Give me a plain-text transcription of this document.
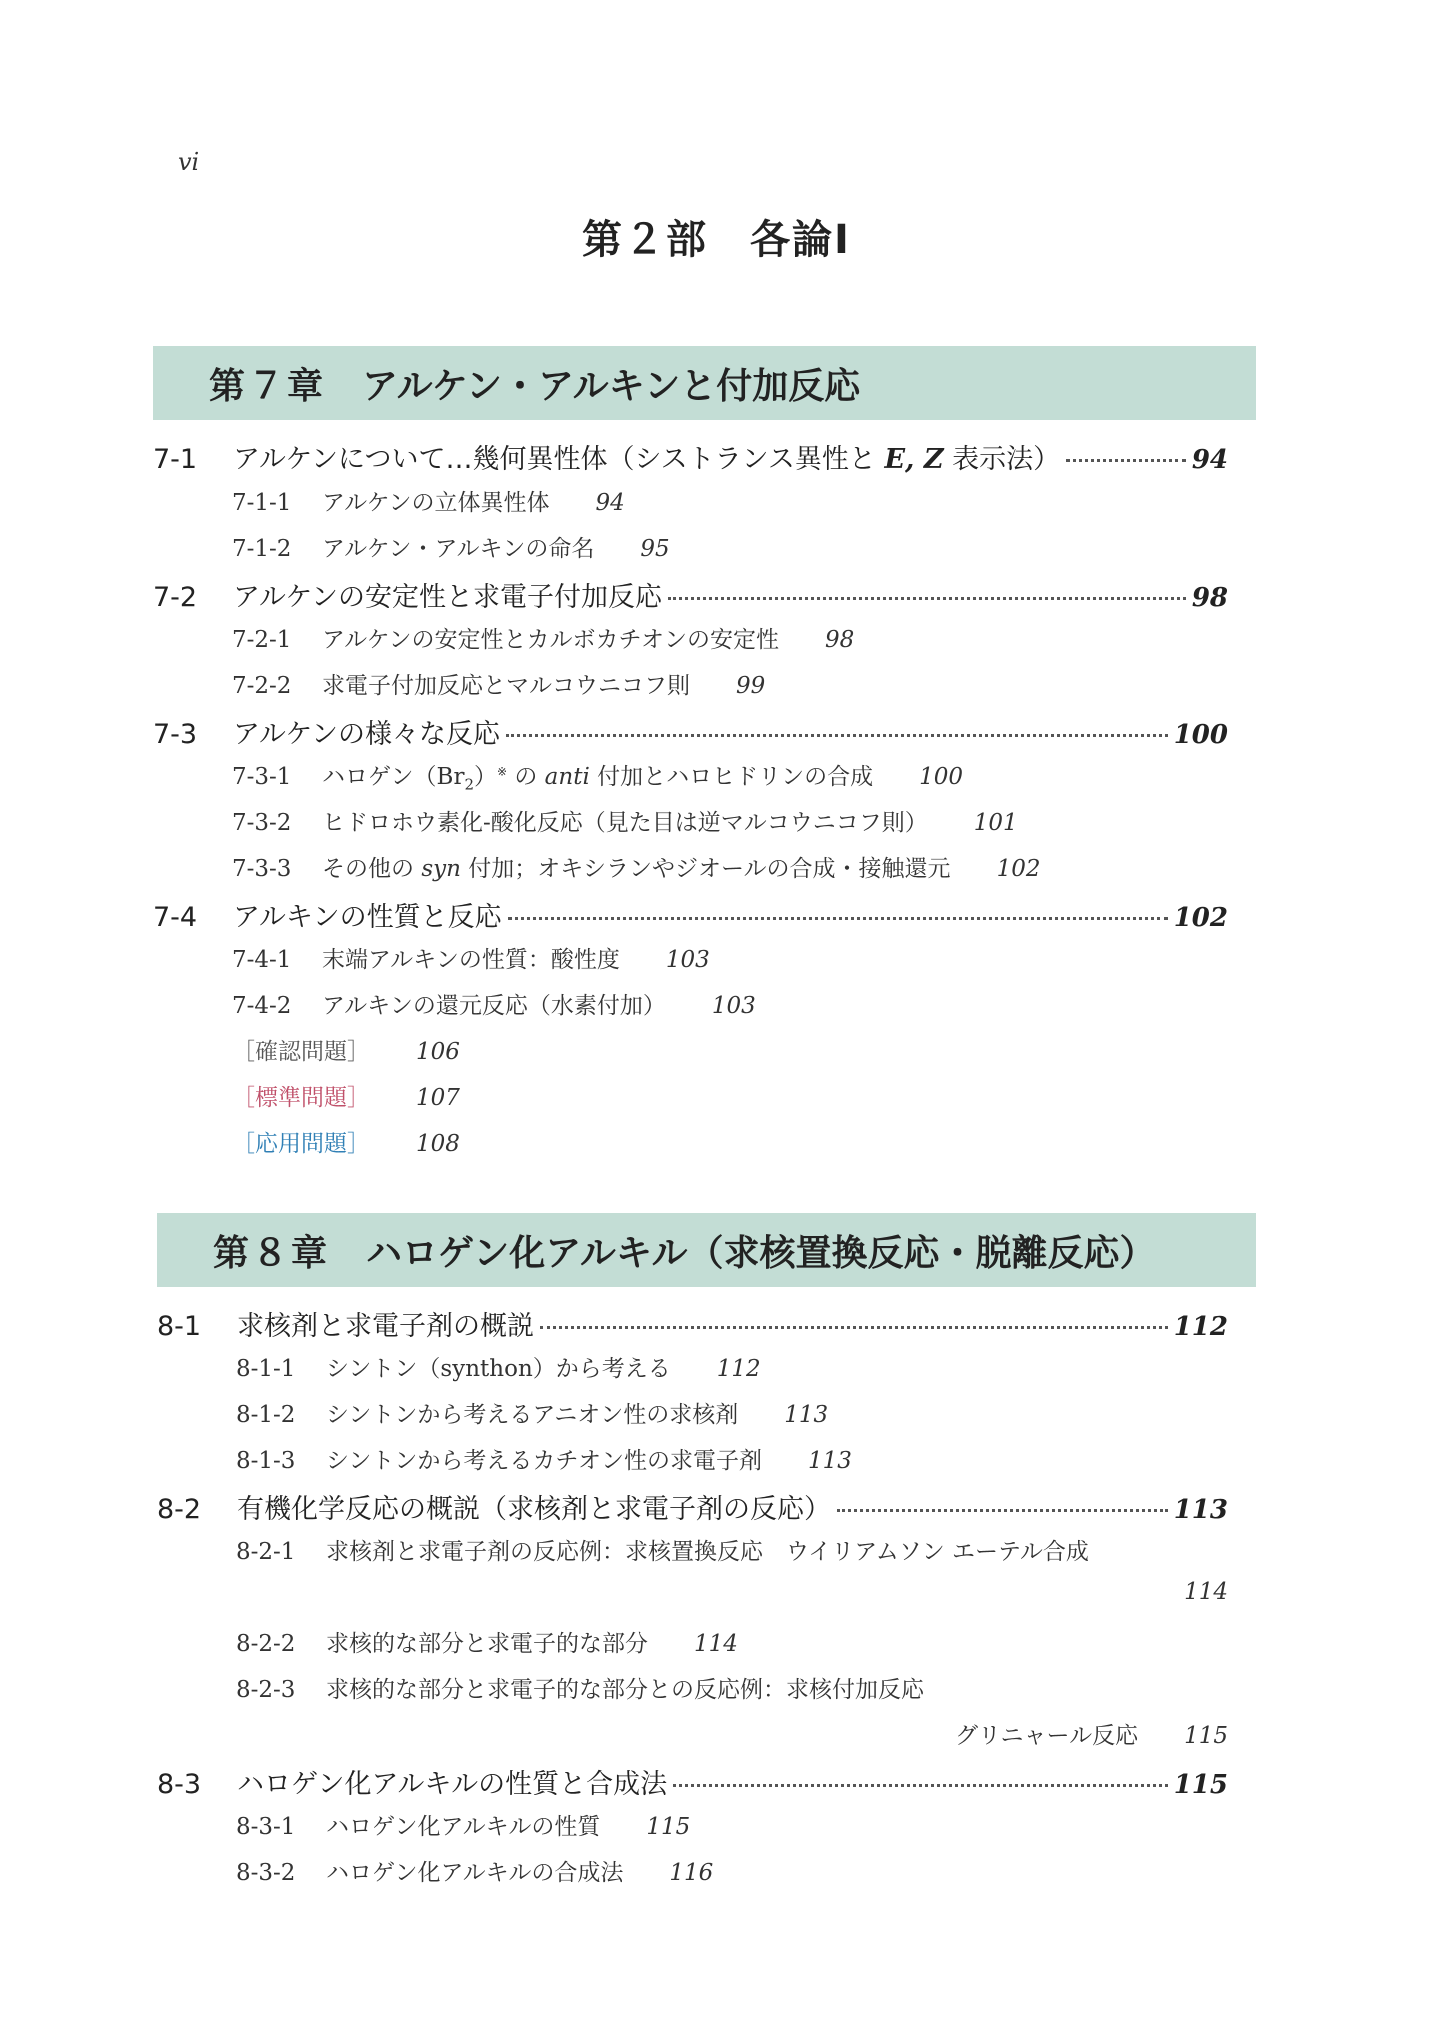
vi
第２部　各論Ⅰ
第７章 アルケン・アルキンと付加反応
7-1	アルケンについて…幾何異性体（シストランス異性と E, Z 表示法）	94
7-1-1 アルケンの立体異性体 94
7-1-2 アルケン・アルキンの命名 95
7-2	アルケンの安定性と求電子付加反応	98
7-2-1 アルケンの安定性とカルボカチオンの安定性 98
7-2-2 求電子付加反応とマルコウニコフ則 99
7-3	アルケンの様々な反応	100
7-3-1 ハロゲン$(Br_2)^※$ の anti 付加とハロヒドリンの合成 100
7-3-2 ヒドロホウ素化-酸化反応（見た目は逆マルコウニコフ則） 101
7-3-3 その他の syn 付加；オキシランやジオールの合成・接触還元 102
7-4	アルキンの性質と反応	102
7-4-1 末端アルキンの性質：酸性度 103
7-4-2 アルキンの還元反応（水素付加） 103
［確認問題］ 106
［標準問題］ 107
［応用問題］ 108
第８章 ハロゲン化アルキル（求核置換反応・脱離反応）
8-1	求核剤と求電子剤の概説	112
8-1-1 シントン（synthon）から考える 112
8-1-2 シントンから考えるアニオン性の求核剤 113
8-1-3 シントンから考えるカチオン性の求電子剤 113
8-2	有機化学反応の概説（求核剤と求電子剤の反応）	113
8-2-1 求核剤と求電子剤の反応例：求核置換反応　ウイリアムソン エーテル合成
114
8-2-2 求核的な部分と求電子的な部分 114
8-2-3 求核的な部分と求電子的な部分との反応例：求核付加反応
グリニャール反応 115
8-3	ハロゲン化アルキルの性質と合成法	115
8-3-1 ハロゲン化アルキルの性質 115
8-3-2 ハロゲン化アルキルの合成法 116
